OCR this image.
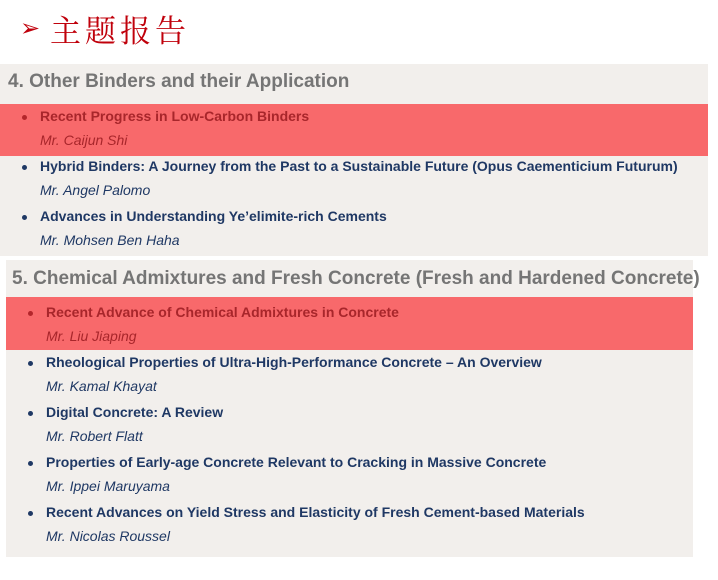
➢ 主题报告
4. Other Binders and their Application
Recent Progress in Low-Carbon Binders
Mr. Caijun Shi
Hybrid Binders: A Journey from the Past to a Sustainable Future (Opus Caementicium Futurum)
Mr. Angel Palomo
Advances in Understanding Ye’elimite-rich Cements
Mr. Mohsen Ben Haha
5. Chemical Admixtures and Fresh Concrete (Fresh and Hardened Concrete)
Recent Advance of Chemical Admixtures in Concrete
Mr. Liu Jiaping
Rheological Properties of Ultra-High-Performance Concrete – An Overview
Mr. Kamal Khayat
Digital Concrete: A Review
Mr. Robert Flatt
Properties of Early-age Concrete Relevant to Cracking in Massive Concrete
Mr. Ippei Maruyama
Recent Advances on Yield Stress and Elasticity of Fresh Cement-based Materials
Mr. Nicolas Roussel
